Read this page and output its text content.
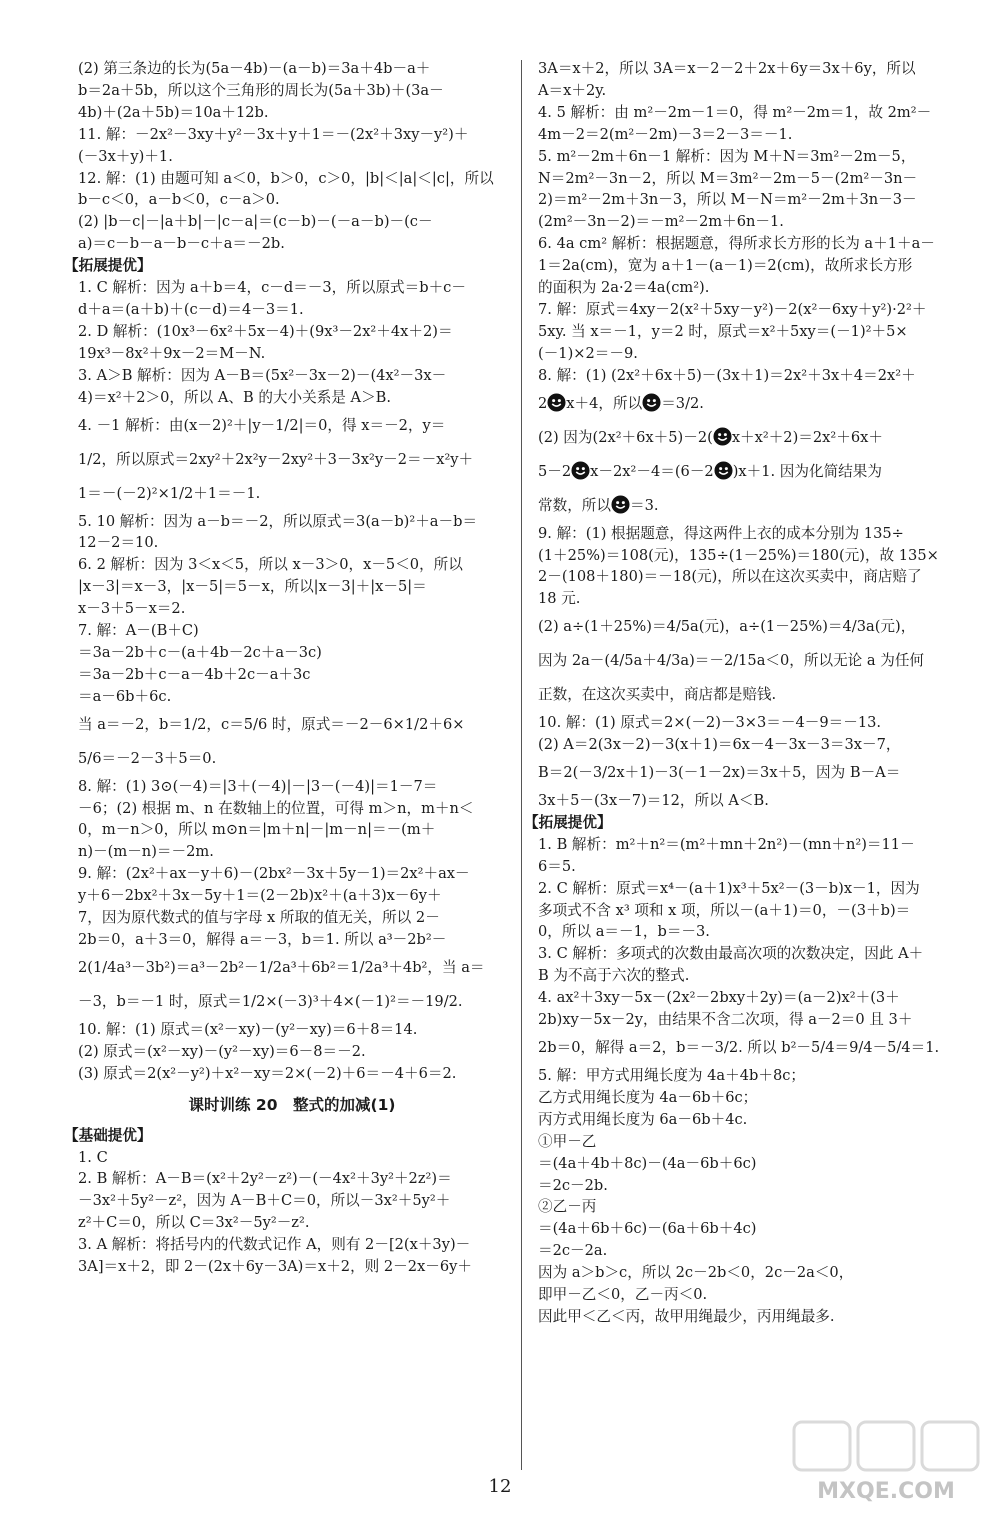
(2) 第三条边的长为(5a－4b)－(a－b)＝3a＋4b－a＋

b＝2a＋5b，所以这个三角形的周长为(5a＋3b)＋(3a－

4b)＋(2a＋5b)＝10a＋12b.

11. 解：－2x²－3xy＋y²－3x＋y＋1＝－(2x²＋3xy－y²)＋

(－3x＋y)＋1.

12. 解：(1) 由题可知 a＜0，b＞0，c＞0，|b|＜|a|＜|c|，所以

b－c＜0，a－b＜0，c－a＞0.

(2) |b－c|－|a＋b|－|c－a|＝(c－b)－(－a－b)－(c－

a)＝c－b－a－b－c＋a＝－2b.

【拓展提优】

1. C 解析：因为 a＋b＝4，c－d＝－3，所以原式＝b＋c－

d＋a＝(a＋b)＋(c－d)＝4－3＝1.

2. D 解析：(10x³－6x²＋5x－4)＋(9x³－2x²＋4x＋2)＝

19x³－8x²＋9x－2＝M－N.

3. A＞B 解析：因为 A－B＝(5x²－3x－2)－(4x²－3x－

4)＝x²＋2＞0，所以 A、B 的大小关系是 A＞B.

4. －1 解析：由(x－2)²＋|y－1/2|＝0，得 x＝－2，y＝

1/2，所以原式＝2xy²＋2x²y－2xy²＋3－3x²y－2＝－x²y＋

1＝－(－2)²×1/2＋1＝－1.

5. 10 解析：因为 a－b＝－2，所以原式＝3(a－b)²＋a－b＝

12－2＝10.

6. 2 解析：因为 3＜x＜5，所以 x－3＞0，x－5＜0，所以

|x－3|＝x－3，|x－5|＝5－x，所以|x－3|＋|x－5|＝

x－3＋5－x＝2.

7. 解：A－(B＋C)

＝3a－2b＋c－(a＋4b－2c＋a－3c)

＝3a－2b＋c－a－4b＋2c－a＋3c

＝a－6b＋6c.

当 a＝－2，b＝1/2，c＝5/6 时，原式＝－2－6×1/2＋6×

5/6＝－2－3＋5＝0.

8. 解：(1) 3⊙(－4)＝|3＋(－4)|－|3－(－4)|＝1－7＝

－6；(2) 根据 m、n 在数轴上的位置，可得 m＞n，m＋n＜

0，m－n＞0，所以 m⊙n＝|m＋n|－|m－n|＝－(m＋

n)－(m－n)＝－2m.

9. 解：(2x²＋ax－y＋6)－(2bx²－3x＋5y－1)＝2x²＋ax－

y＋6－2bx²＋3x－5y＋1＝(2－2b)x²＋(a＋3)x－6y＋

7，因为原代数式的值与字母 x 所取的值无关，所以 2－

2b＝0，a＋3＝0，解得 a＝－3，b＝1. 所以 a³－2b²－

2(1/4a³－3b²)＝a³－2b²－1/2a³＋6b²＝1/2a³＋4b²，当 a＝

－3，b＝－1 时，原式＝1/2×(－3)³＋4×(－1)²＝－19/2.

10. 解：(1) 原式＝(x²－xy)－(y²－xy)＝6＋8＝14.

(2) 原式＝(x²－xy)－(y²－xy)＝6－8＝－2.

(3) 原式＝2(x²－y²)＋x²－xy＝2×(－2)＋6＝－4＋6＝2.

课时训练 20　整式的加减(1)

【基础提优】

1. C

2. B 解析：A－B＝(x²＋2y²－z²)－(－4x²＋3y²＋2z²)＝

－3x²＋5y²－z²，因为 A－B＋C＝0，所以－3x²＋5y²＋

z²＋C＝0，所以 C＝3x²－5y²－z².

3. A 解析：将括号内的代数式记作 A，则有 2－[2(x＋3y)－

3A]＝x＋2，即 2－(2x＋6y－3A)＝x＋2，则 2－2x－6y＋

3A＝x＋2，所以 3A＝x－2－2＋2x＋6y＝3x＋6y，所以

A＝x＋2y.

4. 5 解析：由 m²－2m－1＝0，得 m²－2m＝1，故 2m²－

4m－2＝2(m²－2m)－3＝2－3＝－1.

5. m²－2m＋6n－1 解析：因为 M＋N＝3m²－2m－5，

N＝2m²－3n－2，所以 M＝3m²－2m－5－(2m²－3n－

2)＝m²－2m＋3n－3，所以 M－N＝m²－2m＋3n－3－

(2m²－3n－2)＝－m²－2m＋6n－1.

6. 4a cm² 解析：根据题意，得所求长方形的长为 a＋1＋a－

1＝2a(cm)，宽为 a＋1－(a－1)＝2(cm)，故所求长方形

的面积为 2a·2＝4a(cm²).

7. 解：原式＝4xy－2(x²＋5xy－y²)－2(x²－6xy＋y²)·2²＋

5xy. 当 x＝－1，y＝2 时，原式＝x²＋5xy＝(－1)²＋5×

(－1)×2＝－9.

8. 解：(1) (2x²＋6x＋5)－(3x＋1)＝2x²＋3x＋4＝2x²＋

2 x＋4，所以 ＝3/2.

(2) 因为(2x²＋6x＋5)－2( x＋x²＋2)＝2x²＋6x＋

5－2 x－2x²－4＝(6－2 )x＋1. 因为化简结果为

常数，所以 ＝3.

9. 解：(1) 根据题意，得这两件上衣的成本分别为 135÷

(1＋25%)＝108(元)，135÷(1－25%)＝180(元)，故 135×

2－(108＋180)＝－18(元)，所以在这次买卖中，商店赔了

18 元.

(2) a÷(1＋25%)＝4/5a(元)，a÷(1－25%)＝4/3a(元)，

因为 2a－(4/5a＋4/3a)＝－2/15a＜0，所以无论 a 为任何

正数，在这次买卖中，商店都是赔钱.

10. 解：(1) 原式＝2×(－2)－3×3＝－4－9＝－13.

(2) A＝2(3x－2)－3(x＋1)＝6x－4－3x－3＝3x－7，

B＝2(－3/2x＋1)－3(－1－2x)＝3x＋5，因为 B－A＝

3x＋5－(3x－7)＝12，所以 A＜B.

【拓展提优】

1. B 解析：m²＋n²＝(m²＋mn＋2n²)－(mn＋n²)＝11－

6＝5.

2. C 解析：原式＝x⁴－(a＋1)x³＋5x²－(3－b)x－1，因为

多项式不含 x³ 项和 x 项，所以－(a＋1)＝0，－(3＋b)＝

0，所以 a＝－1，b＝－3.

3. C 解析：多项式的次数由最高次项的次数决定，因此 A＋

B 为不高于六次的整式.

4. ax²＋3xy－5x－(2x²－2bxy＋2y)＝(a－2)x²＋(3＋

2b)xy－5x－2y，由结果不含二次项，得 a－2＝0 且 3＋

2b＝0，解得 a＝2，b＝－3/2. 所以 b²－5/4＝9/4－5/4＝1.

5. 解：甲方式用绳长度为 4a＋4b＋8c；

乙方式用绳长度为 4a－6b＋6c；

丙方式用绳长度为 6a－6b＋4c.

①甲－乙

＝(4a＋4b＋8c)－(4a－6b＋6c)

＝2c－2b.

②乙－丙

＝(4a＋6b＋6c)－(6a＋6b＋4c)

＝2c－2a.

因为 a＞b＞c，所以 2c－2b＜0，2c－2a＜0，

即甲－乙＜0，乙－丙＜0.

因此甲＜乙＜丙，故甲用绳最少，丙用绳最多.

12	MXQE.COM
